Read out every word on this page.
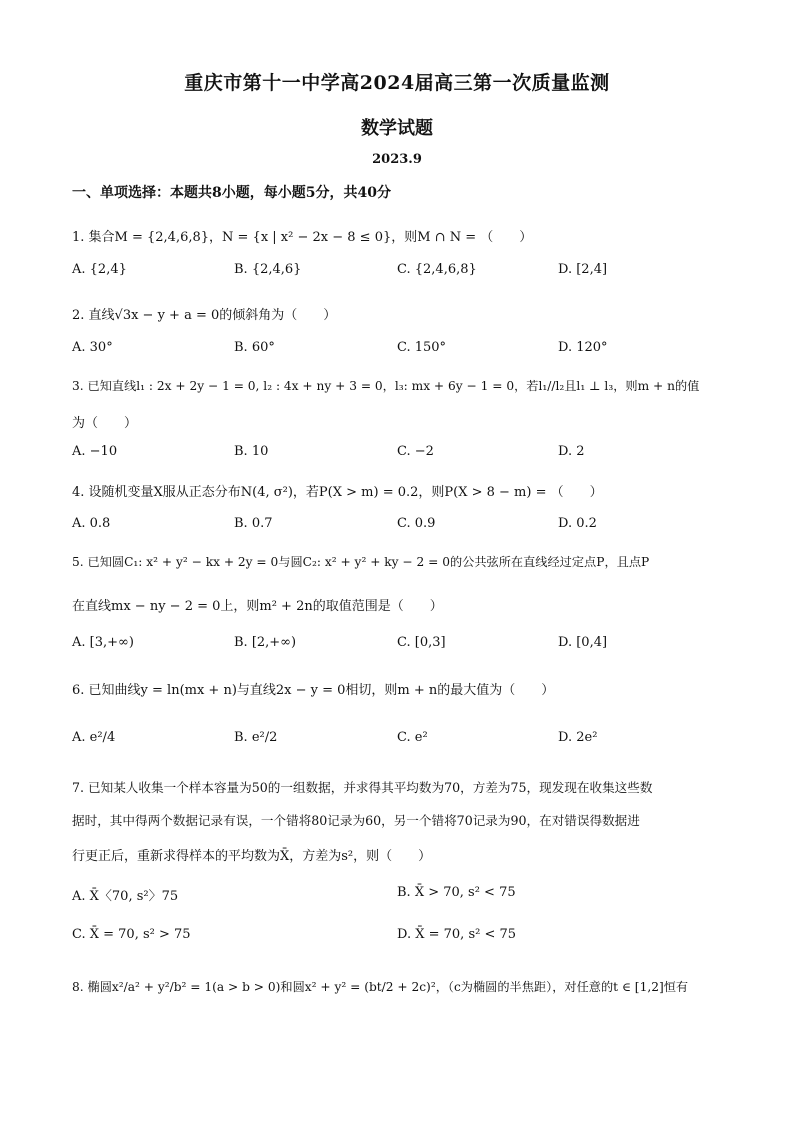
重庆市第十一中学高2024届高三第一次质量监测
数学试题
2023.9
一、单项选择：本题共8小题，每小题5分，共40分
1. 集合M = {2,4,6,8}，N = {x | x² − 2x − 8 ≤ 0}，则M ∩ N = （　　）
A. {2,4}	B. {2,4,6}	C. {2,4,6,8}	D. [2,4]
2. 直线√3x − y + a = 0的倾斜角为（　　）
A. 30°	B. 60°	C. 150°	D. 120°
3. 已知直线l₁ : 2x + 2y − 1 = 0, l₂ : 4x + ny + 3 = 0，l₃: mx + 6y − 1 = 0，若l₁//l₂且l₁ ⊥ l₃，则m + n的值
为（　　）
A. −10	B. 10	C. −2	D. 2
4. 设随机变量X服从正态分布N(4, σ²)，若P(X > m) = 0.2，则P(X > 8 − m) = （　　）
A. 0.8	B. 0.7	C. 0.9	D. 0.2
5. 已知圆C₁: x² + y² − kx + 2y = 0与圆C₂: x² + y² + ky − 2 = 0的公共弦所在直线经过定点P，且点P
在直线mx − ny − 2 = 0上，则m² + 2n的取值范围是（　　）
A. [3,+∞)	B. [2,+∞)	C. [0,3]	D. [0,4]
6. 已知曲线y = ln(mx + n)与直线2x − y = 0相切，则m + n的最大值为（　　）
A. e²/4	B. e²/2	C. e²	D. 2e²
7. 已知某人收集一个样本容量为50的一组数据，并求得其平均数为70，方差为75，现发现在收集这些数
据时，其中得两个数据记录有误，一个错将80记录为60，另一个错将70记录为90，在对错误得数据进
行更正后，重新求得样本的平均数为X̄，方差为s²，则（　　）
A. X̄〈70, s²〉75	B. X̄ > 70, s² < 75
C. X̄ = 70, s² > 75	D. X̄ = 70, s² < 75
8. 椭圆x²/a² + y²/b² = 1(a > b > 0)和圆x² + y² = (bt/2 + 2c)²，（c为椭圆的半焦距），对任意的t ∈ [1,2]恒有
